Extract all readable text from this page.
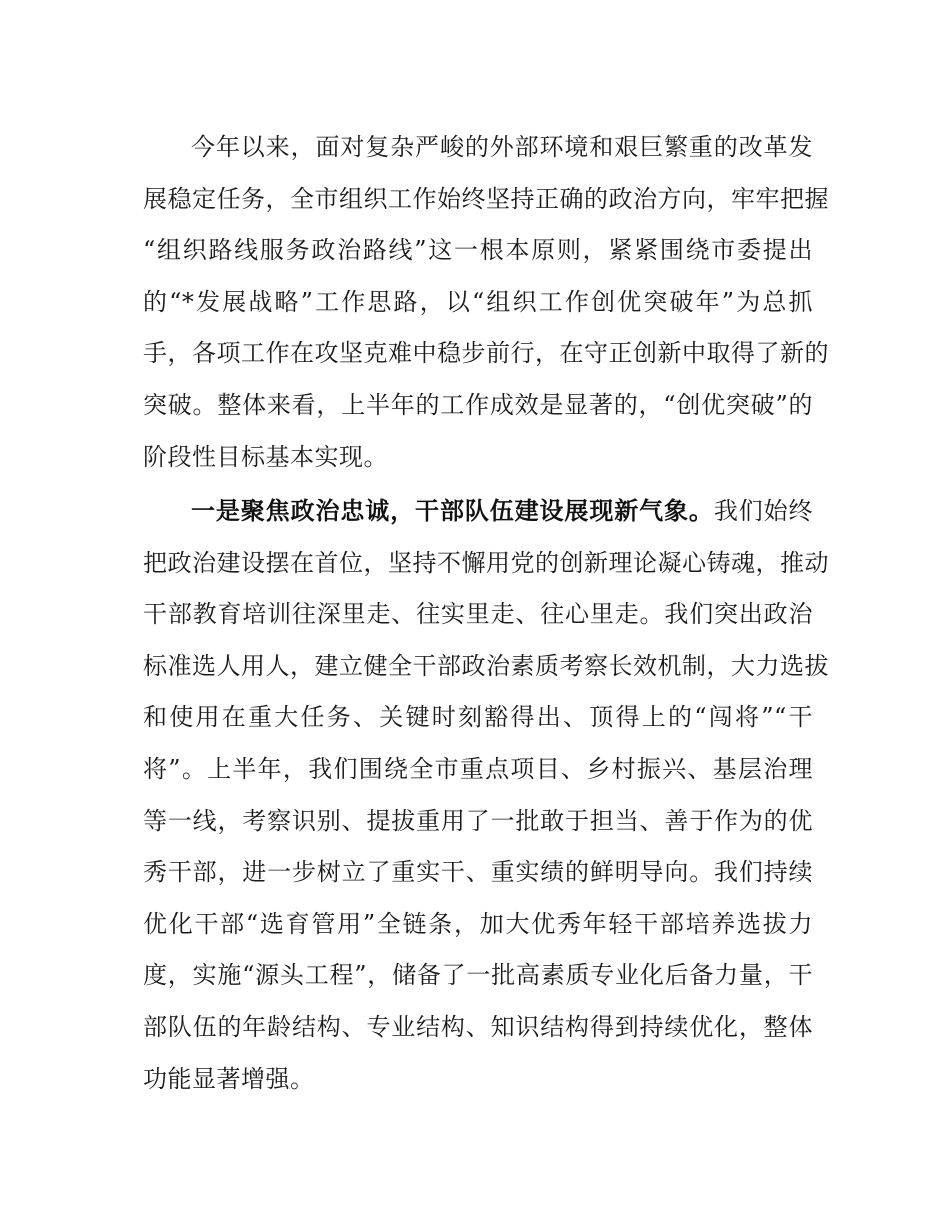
今年以来，面对复杂严峻的外部环境和艰巨繁重的改革发
展稳定任务，全市组织工作始终坚持正确的政治方向，牢牢把握
“组织路线服务政治路线”这一根本原则，紧紧围绕市委提出
的“*发展战略”工作思路，以“组织工作创优突破年”为总抓
手，各项工作在攻坚克难中稳步前行，在守正创新中取得了新的
突破。整体来看，上半年的工作成效是显著的，“创优突破”的
阶段性目标基本实现。
一是聚焦政治忠诚，干部队伍建设展现新气象。我们始终
把政治建设摆在首位，坚持不懈用党的创新理论凝心铸魂，推动
干部教育培训往深里走、往实里走、往心里走。我们突出政治
标准选人用人，建立健全干部政治素质考察长效机制，大力选拔
和使用在重大任务、关键时刻豁得出、顶得上的“闯将”“干
将”。上半年，我们围绕全市重点项目、乡村振兴、基层治理
等一线，考察识别、提拔重用了一批敢于担当、善于作为的优
秀干部，进一步树立了重实干、重实绩的鲜明导向。我们持续
优化干部“选育管用”全链条，加大优秀年轻干部培养选拔力
度，实施“源头工程”，储备了一批高素质专业化后备力量，干
部队伍的年龄结构、专业结构、知识结构得到持续优化，整体
功能显著增强。
